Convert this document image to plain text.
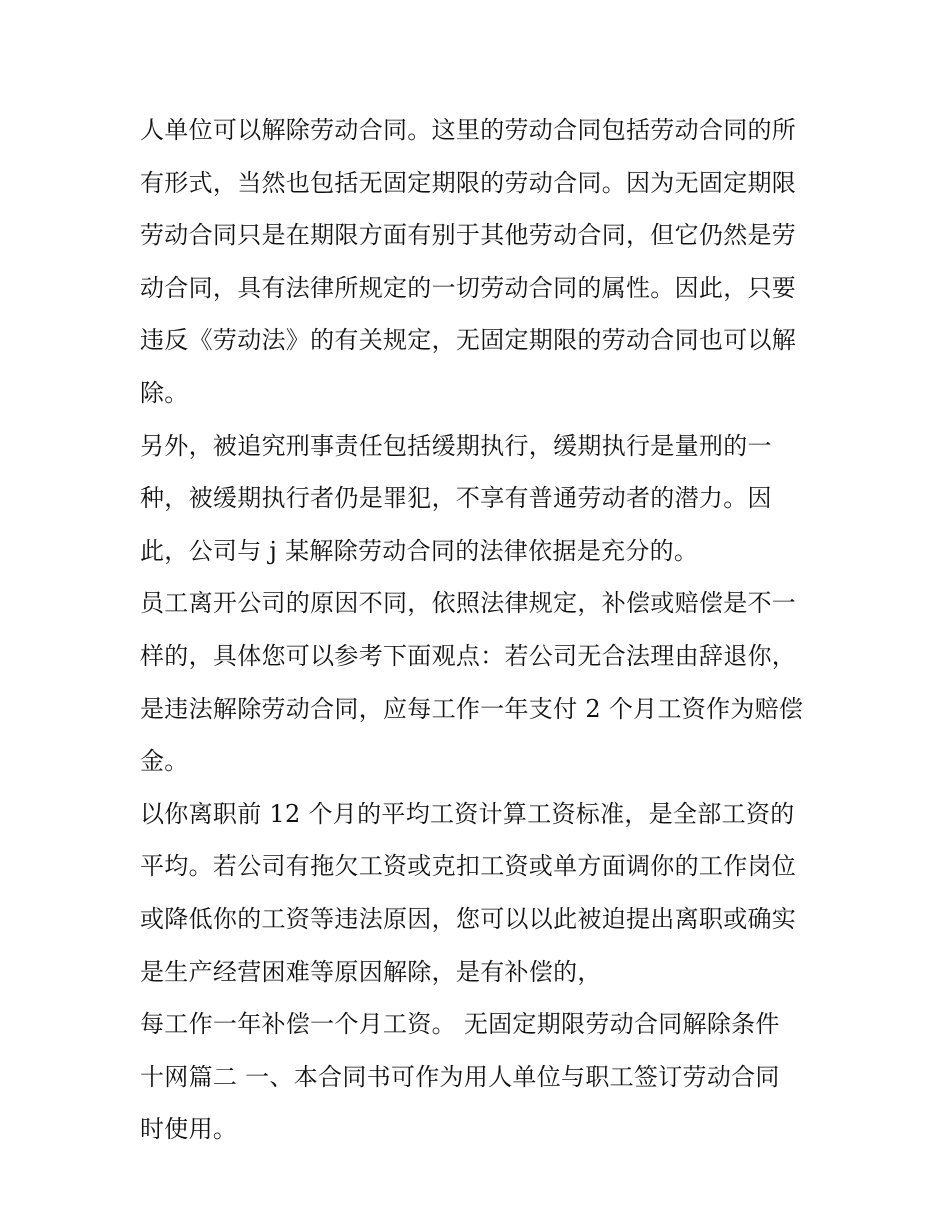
人单位可以解除劳动合同。这里的劳动合同包括劳动合同的所
有形式，当然也包括无固定期限的劳动合同。因为无固定期限
劳动合同只是在期限方面有别于其他劳动合同，但它仍然是劳
动合同，具有法律所规定的一切劳动合同的属性。因此，只要
违反《劳动法》的有关规定，无固定期限的劳动合同也可以解
除。
另外，被追究刑事责任包括缓期执行，缓期执行是量刑的一
种，被缓期执行者仍是罪犯，不享有普通劳动者的潜力。因
此，公司与 j 某解除劳动合同的法律依据是充分的。
员工离开公司的原因不同，依照法律规定，补偿或赔偿是不一
样的，具体您可以参考下面观点：若公司无合法理由辞退你，
是违法解除劳动合同，应每工作一年支付 2 个月工资作为赔偿
金。
以你离职前 12 个月的平均工资计算工资标准，是全部工资的
平均。若公司有拖欠工资或克扣工资或单方面调你的工作岗位
或降低你的工资等违法原因，您可以以此被迫提出离职或确实
是生产经营困难等原因解除，是有补偿的，
每工作一年补偿一个月工资。 无固定期限劳动合同解除条件
十网篇二 一、本合同书可作为用人单位与职工签订劳动合同
时使用。
